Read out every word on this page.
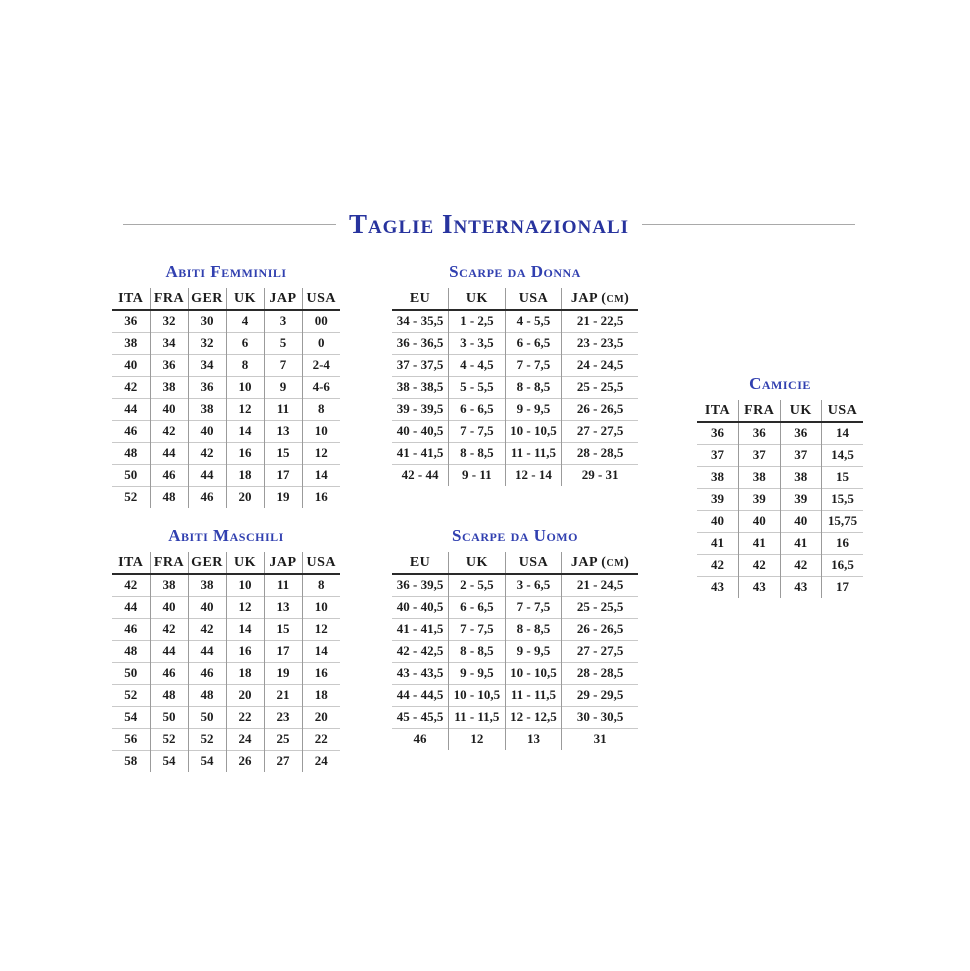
Taglie Internazionali
Abiti Femminili
ITA	FRA	GER	UK	JAP	USA
36	32	30	4	3	00
38	34	32	6	5	0
40	36	34	8	7	2-4
42	38	36	10	9	4-6
44	40	38	12	11	8
46	42	40	14	13	10
48	44	42	16	15	12
50	46	44	18	17	14
52	48	46	20	19	16
Scarpe da Donna
EU	UK	USA	JAP (cm)
34 - 35,5	1 - 2,5	4 - 5,5	21 - 22,5
36 - 36,5	3 - 3,5	6 - 6,5	23 - 23,5
37 - 37,5	4 - 4,5	7 - 7,5	24 - 24,5
38 - 38,5	5 - 5,5	8 - 8,5	25 - 25,5
39 - 39,5	6 - 6,5	9 - 9,5	26 - 26,5
40 - 40,5	7 - 7,5	10 - 10,5	27 - 27,5
41 - 41,5	8 - 8,5	11 - 11,5	28 - 28,5
42 - 44	9 - 11	12 - 14	29 - 31
Abiti Maschili
ITA	FRA	GER	UK	JAP	USA
42	38	38	10	11	8
44	40	40	12	13	10
46	42	42	14	15	12
48	44	44	16	17	14
50	46	46	18	19	16
52	48	48	20	21	18
54	50	50	22	23	20
56	52	52	24	25	22
58	54	54	26	27	24
Scarpe da Uomo
EU	UK	USA	JAP (cm)
36 - 39,5	2 - 5,5	3 - 6,5	21 - 24,5
40 - 40,5	6 - 6,5	7 - 7,5	25 - 25,5
41 - 41,5	7 - 7,5	8 - 8,5	26 - 26,5
42 - 42,5	8 - 8,5	9 - 9,5	27 - 27,5
43 - 43,5	9 - 9,5	10 - 10,5	28 - 28,5
44 - 44,5	10 - 10,5	11 - 11,5	29 - 29,5
45 - 45,5	11 - 11,5	12 - 12,5	30 - 30,5
46	12	13	31
Camicie
ITA	FRA	UK	USA
36	36	36	14
37	37	37	14,5
38	38	38	15
39	39	39	15,5
40	40	40	15,75
41	41	41	16
42	42	42	16,5
43	43	43	17
